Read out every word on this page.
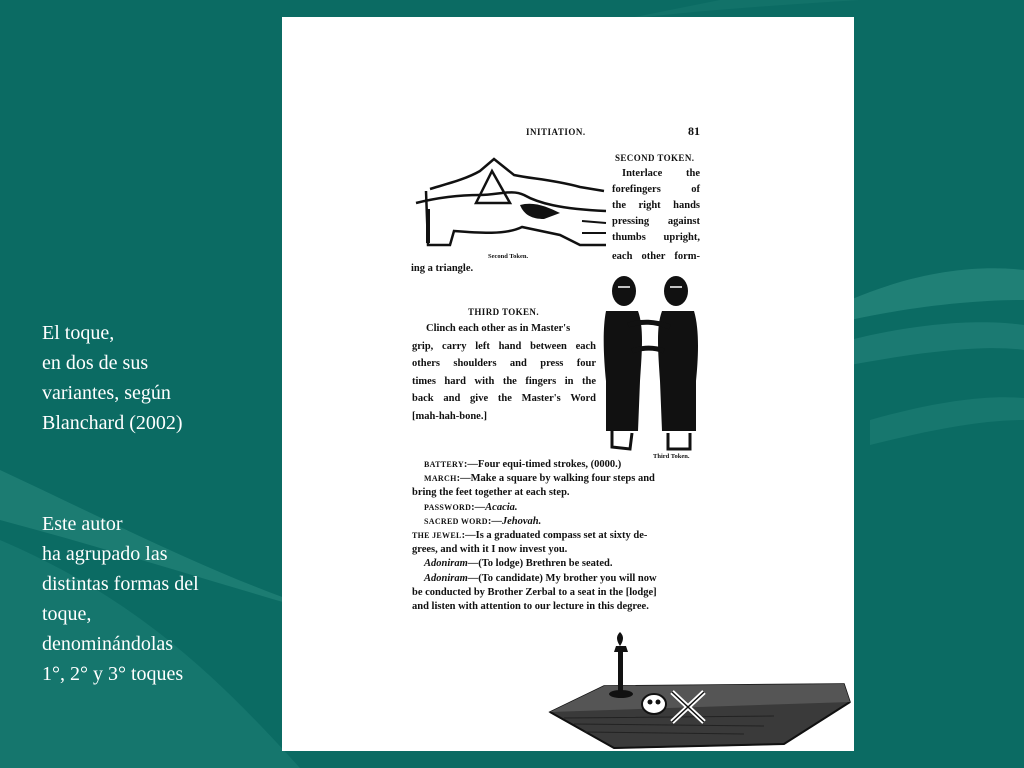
El toque,
en dos de sus
variantes, según
Blanchard (2002)
Este autor
ha agrupado las
distintas formas del
toque,
denominándolas
1°, 2° y 3° toques
INITIATION.	81
Second Token.
SECOND TOKEN.
Interlace the
forefingers of
the right hands
pressing against
thumbs upright,
each other form-
ing a triangle.
Third Token.
THIRD TOKEN.
Clinch each other as in Master's
grip, carry left hand between each
others shoulders and press four
times hard with the fingers in the
back and give the Master's Word
[mah-hah-bone.]
BATTERY:—Four equi-timed strokes, (0000.)
MARCH:—Make a square by walking four steps and
bring the feet together at each step.
PASSWORD:—Acacia.
SACRED WORD:—Jehovah.
THE JEWEL:—Is a graduated compass set at sixty de-
grees, and with it I now invest you.
Adoniram—(To lodge) Brethren be seated.
Adoniram—(To candidate) My brother you will now
be conducted by Brother Zerbal to a seat in the [lodge]
and listen with attention to our lecture in this degree.
